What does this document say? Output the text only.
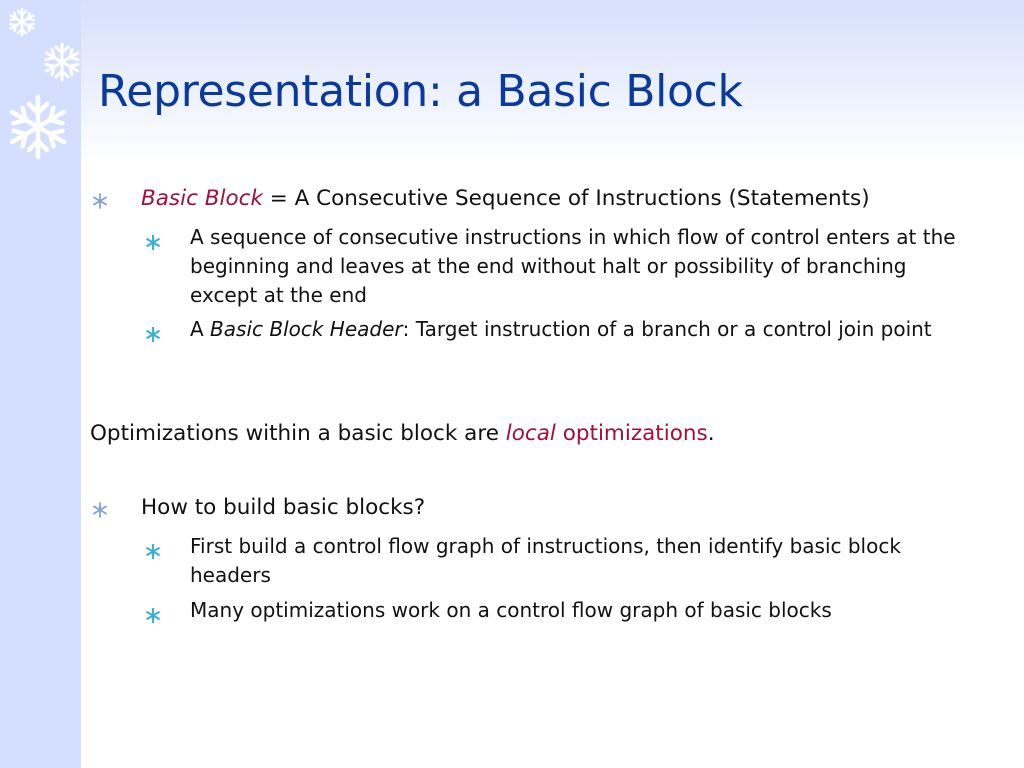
Representation: a Basic Block

Basic Block = A Consecutive Sequence of Instructions (Statements)

∗ A sequence of consecutive instructions in which flow of control enters at the beginning and leaves at the end without halt or possibility of branching except at the end

∗ A Basic Block Header: Target instruction of a branch or a control join point

Optimizations within a basic block are local optimizations.

How to build basic blocks?

∗ First build a control flow graph of instructions, then identify basic block headers

∗ Many optimizations work on a control flow graph of basic blocks
